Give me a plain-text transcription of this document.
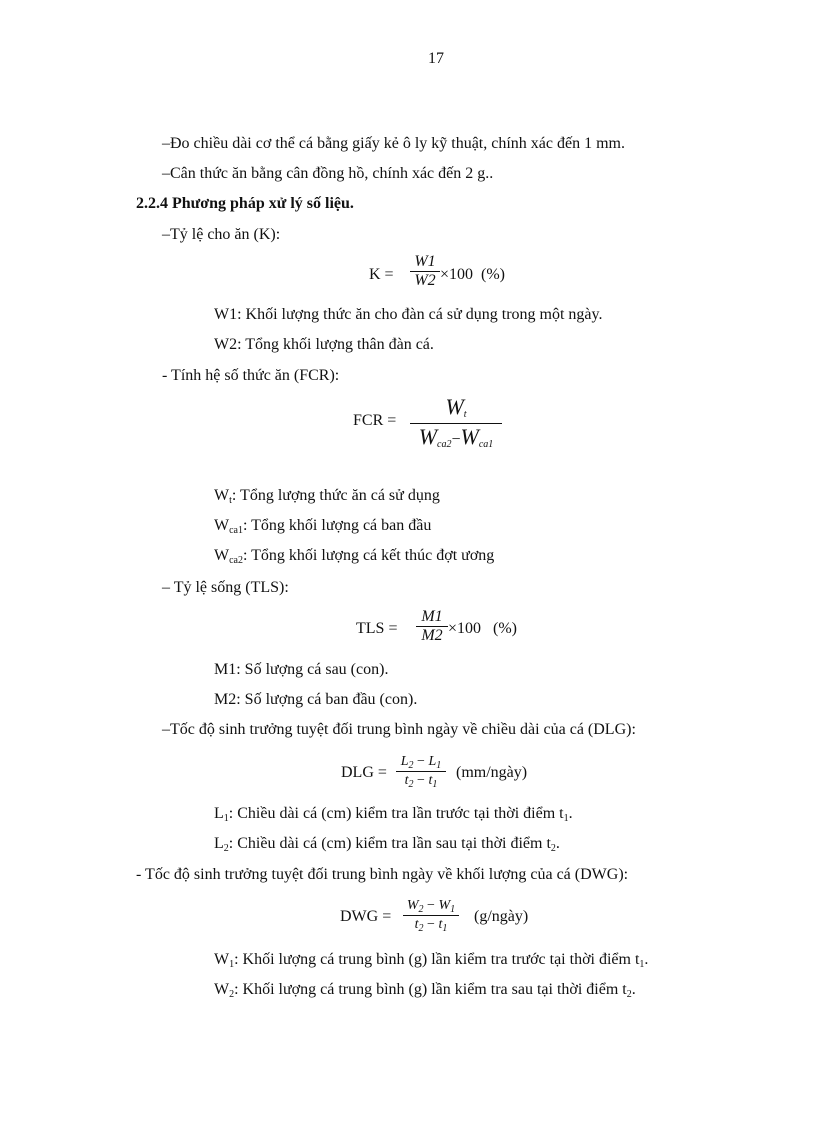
17
–Đo chiều dài cơ thể cá bằng giấy kẻ ô ly kỹ thuật, chính xác đến 1 mm.
–Cân thức ăn bằng cân đồng hồ, chính xác đến 2 g..
2.2.4 Phương pháp xử lý số liệu.
–Tỷ lệ cho ăn (K):
K =
W1
W2 ×100 (%)
W1: Khối lượng thức ăn cho đàn cá sử dụng trong một ngày.
W2: Tổng khối lượng thân đàn cá.
- Tính hệ số thức ăn (FCR):
FCR =
$W_t$
$W_{ca2}-W_{ca1}$
$W_t$: Tổng lượng thức ăn cá sử dụng
$W_{ca1}$: Tổng khối lượng cá ban đầu
$W_{ca2}$: Tổng khối lượng cá kết thúc đợt ương
– Tỷ lệ sống (TLS):
TLS =
M1
M2 ×100 (%)
M1: Số lượng cá sau (con).
M2: Số lượng cá ban đầu (con).
–Tốc độ sinh trưởng tuyệt đối trung bình ngày về chiều dài của cá (DLG):
DLG =
$L_2 - L_1$
$t_2 - t_1$
(mm/ngày)
$L_1$: Chiều dài cá (cm) kiểm tra lần trước tại thời điểm $t_1$.
$L_2$: Chiều dài cá (cm) kiểm tra lần sau tại thời điểm $t_2$.
- Tốc độ sinh trưởng tuyệt đối trung bình ngày về khối lượng của cá (DWG):
DWG =
$W_2 - W_1$
$t_2 - t_1$
(g/ngày)
$W_1$: Khối lượng cá trung bình (g) lần kiểm tra trước tại thời điểm $t_1$.
$W_2$: Khối lượng cá trung bình (g) lần kiểm tra sau tại thời điểm $t_2$.
